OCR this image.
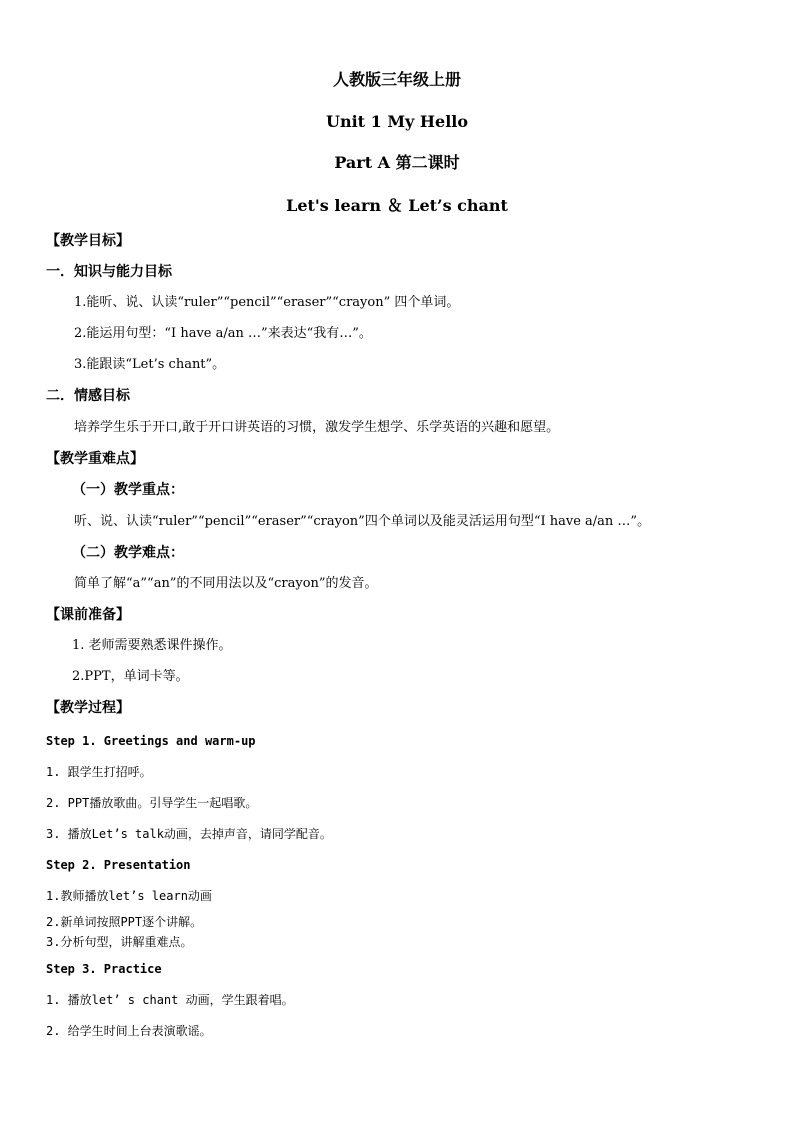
人教版三年级上册
Unit 1 My Hello
Part A 第二课时
Let's learn ＆ Let’s chant
【教学目标】
一．知识与能力目标
1.能听、说、认读“ruler”“pencil”“eraser”“crayon” 四个单词。
2.能运用句型：“I have a/an …”来表达“我有…”。
3.能跟读“Let’s chant”。
二．情感目标
培养学生乐于开口,敢于开口讲英语的习惯，激发学生想学、乐学英语的兴趣和愿望。
【教学重难点】
（一）教学重点：
听、说、认读“ruler”“pencil”“eraser”“crayon”四个单词以及能灵活运用句型“I have a/an …”。
（二）教学难点：
简单了解“a”“an”的不同用法以及“crayon”的发音。
【课前准备】
1. 老师需要熟悉课件操作。
2.PPT，单词卡等。
【教学过程】
Step 1. Greetings and warm-up
1. 跟学生打招呼。
2. PPT播放歌曲。引导学生一起唱歌。
3. 播放Let’s talk动画，去掉声音，请同学配音。
Step 2. Presentation
1.教师播放let’s learn动画
2.新单词按照PPT逐个讲解。
3.分析句型，讲解重难点。
Step 3. Practice
1. 播放let’ s chant 动画，学生跟着唱。
2. 给学生时间上台表演歌谣。
